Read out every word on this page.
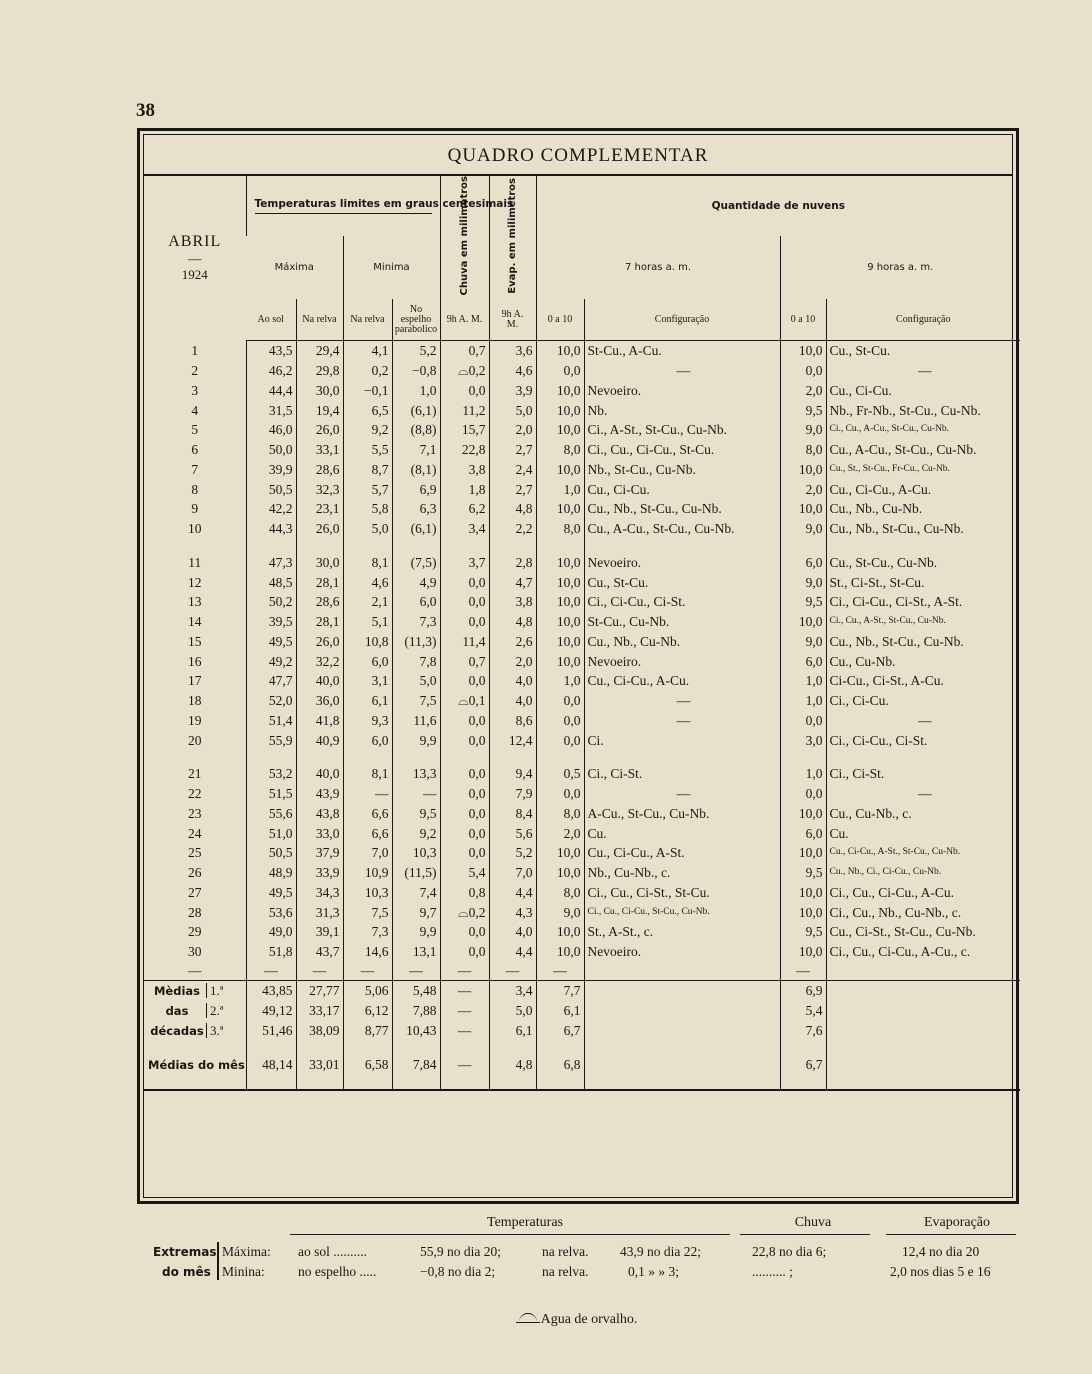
38
QUADRO COMPLEMENTAR
ABRIL
—
1924	Temperaturas limites em graus centesimais				Chuva em milimetros	Evap. em milimetros	Quantidade de nuvens			

	Máxima		Minima				7 horas a. m.		9 horas a. m.	

	Ao sol	Na relva	Na relva	No espelho parabolico	9h A. M.	9h A. M.	0 a 10	Configuração	0 a 10	Configuração
1	43,5	29,4	4,1	5,2	0,7	3,6	10,0	St-Cu., A-Cu.	10,0	Cu., St-Cu.
2	46,2	29,8	0,2	−0,8	⌓0,2	4,6	0,0	—	0,0	—
3	44,4	30,0	−0,1	1,0	0,0	3,9	10,0	Nevoeiro.	2,0	Cu., Ci-Cu.
4	31,5	19,4	6,5	(6,1)	11,2	5,0	10,0	Nb.	9,5	Nb., Fr-Nb., St-Cu., Cu-Nb.
5	46,0	26,0	9,2	(8,8)	15,7	2,0	10,0	Ci., A-St., St-Cu., Cu-Nb.	9,0	Ci., Cu., A-Cu., St-Cu., Cu-Nb.
6	50,0	33,1	5,5	7,1	22,8	2,7	8,0	Ci., Cu., Ci-Cu., St-Cu.	8,0	Cu., A-Cu., St-Cu., Cu-Nb.
7	39,9	28,6	8,7	(8,1)	3,8	2,4	10,0	Nb., St-Cu., Cu-Nb.	10,0	Cu., St., St-Cu., Fr-Cu., Cu-Nb.
8	50,5	32,3	5,7	6,9	1,8	2,7	1,0	Cu., Ci-Cu.	2,0	Cu., Ci-Cu., A-Cu.
9	42,2	23,1	5,8	6,3	6,2	4,8	10,0	Cu., Nb., St-Cu., Cu-Nb.	10,0	Cu., Nb., Cu-Nb.
10	44,3	26,0	5,0	(6,1)	3,4	2,2	8,0	Cu., A-Cu., St-Cu., Cu-Nb.	9,0	Cu., Nb., St-Cu., Cu-Nb.

11	47,3	30,0	8,1	(7,5)	3,7	2,8	10,0	Nevoeiro.	6,0	Cu., St-Cu., Cu-Nb.
12	48,5	28,1	4,6	4,9	0,0	4,7	10,0	Cu., St-Cu.	9,0	St., Ci-St., St-Cu.
13	50,2	28,6	2,1	6,0	0,0	3,8	10,0	Ci., Ci-Cu., Ci-St.	9,5	Ci., Ci-Cu., Ci-St., A-St.
14	39,5	28,1	5,1	7,3	0,0	4,8	10,0	St-Cu., Cu-Nb.	10,0	Ci., Cu., A-St., St-Cu., Cu-Nb.
15	49,5	26,0	10,8	(11,3)	11,4	2,6	10,0	Cu., Nb., Cu-Nb.	9,0	Cu., Nb., St-Cu., Cu-Nb.
16	49,2	32,2	6,0	7,8	0,7	2,0	10,0	Nevoeiro.	6,0	Cu., Cu-Nb.
17	47,7	40,0	3,1	5,0	0,0	4,0	1,0	Cu., Ci-Cu., A-Cu.	1,0	Ci-Cu., Ci-St., A-Cu.
18	52,0	36,0	6,1	7,5	⌓0,1	4,0	0,0	—	1,0	Ci., Ci-Cu.
19	51,4	41,8	9,3	11,6	0,0	8,6	0,0	—	0,0	—
20	55,9	40,9	6,0	9,9	0,0	12,4	0,0	Ci.	3,0	Ci., Ci-Cu., Ci-St.

21	53,2	40,0	8,1	13,3	0,0	9,4	0,5	Ci., Ci-St.	1,0	Ci., Ci-St.
22	51,5	43,9	—	—	0,0	7,9	0,0	—	0,0	—
23	55,6	43,8	6,6	9,5	0,0	8,4	8,0	A-Cu., St-Cu., Cu-Nb.	10,0	Cu., Cu-Nb., c.
24	51,0	33,0	6,6	9,2	0,0	5,6	2,0	Cu.	6,0	Cu.
25	50,5	37,9	7,0	10,3	0,0	5,2	10,0	Cu., Ci-Cu., A-St.	10,0	Cu., Ci-Cu., A-St., St-Cu., Cu-Nb.
26	48,9	33,9	10,9	(11,5)	5,4	7,0	10,0	Nb., Cu-Nb., c.	9,5	Cu., Nb., Ci., Ci-Cu., Cu-Nb.
27	49,5	34,3	10,3	7,4	0,8	4,4	8,0	Ci., Cu., Ci-St., St-Cu.	10,0	Ci., Cu., Ci-Cu., A-Cu.
28	53,6	31,3	7,5	9,7	⌓0,2	4,3	9,0	Ci., Cu., Ci-Cu., St-Cu., Cu-Nb.	10,0	Ci., Cu., Nb., Cu-Nb., c.
29	49,0	39,1	7,3	9,9	0,0	4,0	10,0	St., A-St., c.	9,5	Cu., Ci-St., St-Cu., Cu-Nb.
30	51,8	43,7	14,6	13,1	0,0	4,4	10,0	Nevoeiro.	10,0	Ci., Cu., Ci-Cu., A-Cu., c.
—	—	—	—	—	—	—	—		—	
Mèdias 1.ª	43,85	27,77	5,06	5,48	—	3,4	7,7		6,9	
das 2.ª	49,12	33,17	6,12	7,88	—	5,0	6,1		5,4	
décadas 3.ª	51,46	38,09	8,77	10,43	—	6,1	6,7		7,6	

Médias do mês	48,14	33,01	6,58	7,84	—	4,8	6,8		6,7	

Temperaturas	Chuva	Evaporação
Extremas
do mês
Máxima: ao sol ..........	55,9 no dia 20;	na relva. 43,9 no dia 22;	22,8 no dia 6;	12,4 no dia 20
Minina: no espelho .....	−0,8 no dia 2;	na relva.	0,1 » » 3;	.......... ;	2,0 nos dias 5 e 16
Agua de orvalho.
